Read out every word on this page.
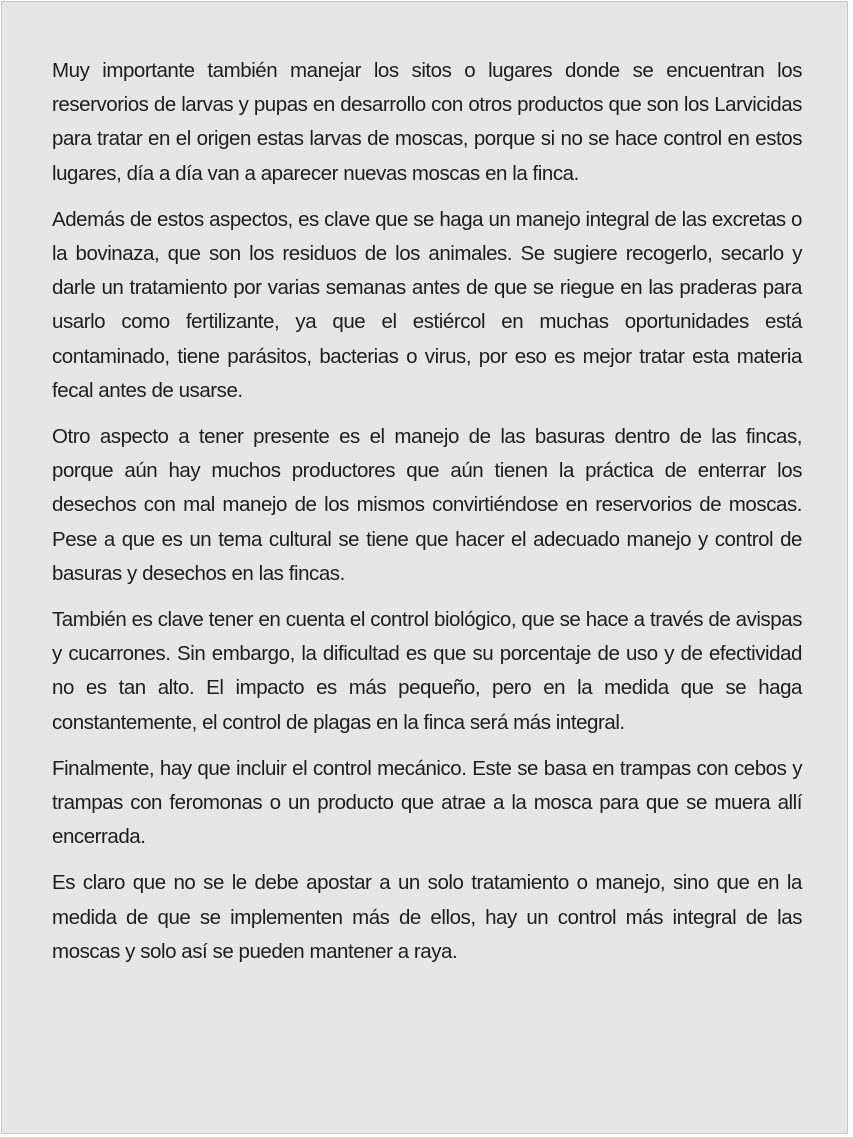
Muy importante también manejar los sitos o lugares donde se encuentran los reservorios de larvas y pupas en desarrollo con otros productos que son los Larvicidas para tratar en el origen estas larvas de moscas, porque si no se hace control en estos lugares, día a día van a aparecer nuevas moscas en la finca.

Además de estos aspectos, es clave que se haga un manejo integral de las excretas o la bovinaza, que son los residuos de los animales. Se sugiere recogerlo, secarlo y darle un tratamiento por varias semanas antes de que se riegue en las praderas para usarlo como fertilizante, ya que el estiércol en muchas oportunidades está contaminado, tiene parásitos, bacterias o virus, por eso es mejor tratar esta materia fecal antes de usarse.

Otro aspecto a tener presente es el manejo de las basuras dentro de las fincas, porque aún hay muchos productores que aún tienen la práctica de enterrar los desechos con mal manejo de los mismos convirtiéndose en reservorios de moscas. Pese a que es un tema cultural se tiene que hacer el adecuado manejo y control de basuras y desechos en las fincas.

También es clave tener en cuenta el control biológico, que se hace a través de avispas y cucarrones. Sin embargo, la dificultad es que su porcentaje de uso y de efectividad no es tan alto. El impacto es más pequeño, pero en la medida que se haga constantemente, el control de plagas en la finca será más integral.

Finalmente, hay que incluir el control mecánico. Este se basa en trampas con cebos y trampas con feromonas o un producto que atrae a la mosca para que se muera allí encerrada.

Es claro que no se le debe apostar a un solo tratamiento o manejo, sino que en la medida de que se implementen más de ellos, hay un control más integral de las moscas y solo así se pueden mantener a raya.
